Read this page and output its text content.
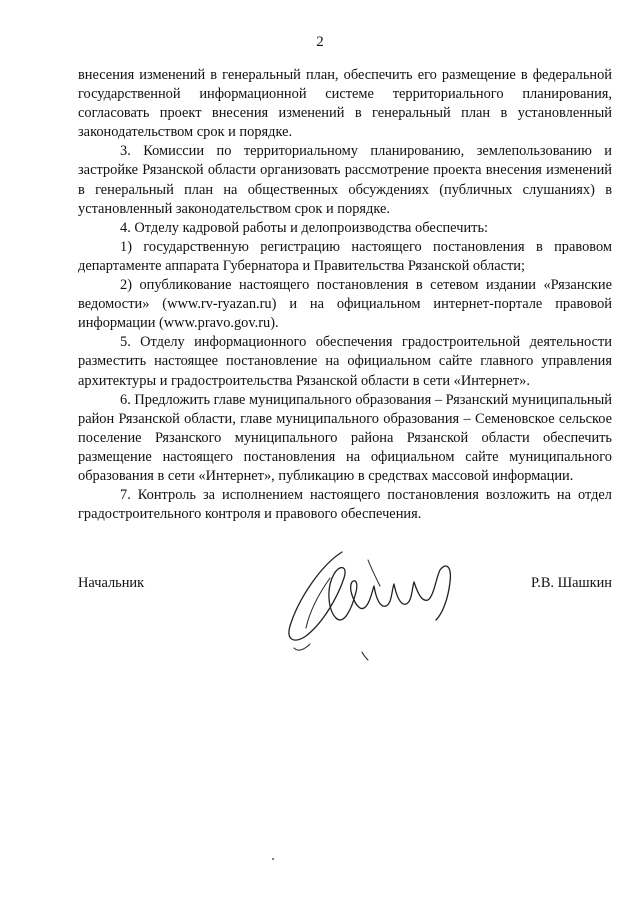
2

внесения изменений в генеральный план, обеспечить его размещение в федеральной государственной информационной системе территориального планирования, согласовать проект внесения изменений в генеральный план в установленный законодательством срок и порядке.

3. Комиссии по территориальному планированию, землепользованию и застройке Рязанской области организовать рассмотрение проекта внесения изменений в генеральный план на общественных обсуждениях (публичных слушаниях) в установленный законодательством срок и порядке.

4. Отделу кадровой работы и делопроизводства обеспечить:

1) государственную регистрацию настоящего постановления в правовом департаменте аппарата Губернатора и Правительства Рязанской области;

2) опубликование настоящего постановления в сетевом издании «Рязанские ведомости» (www.rv-ryazan.ru) и на официальном интернет-портале правовой информации (www.pravo.gov.ru).

5. Отделу информационного обеспечения градостроительной деятельности разместить настоящее постановление на официальном сайте главного управления архитектуры и градостроительства Рязанской области в сети «Интернет».

6. Предложить главе муниципального образования – Рязанский муниципальный район Рязанской области, главе муниципального образования – Семеновское сельское поселение Рязанского муниципального района Рязанской области обеспечить размещение настоящего постановления на официальном сайте муниципального образования в сети «Интернет», публикацию в средствах массовой информации.

7. Контроль за исполнением настоящего постановления возложить на отдел градостроительного контроля и правового обеспечения.

Начальник	Р.В. Шашкин
